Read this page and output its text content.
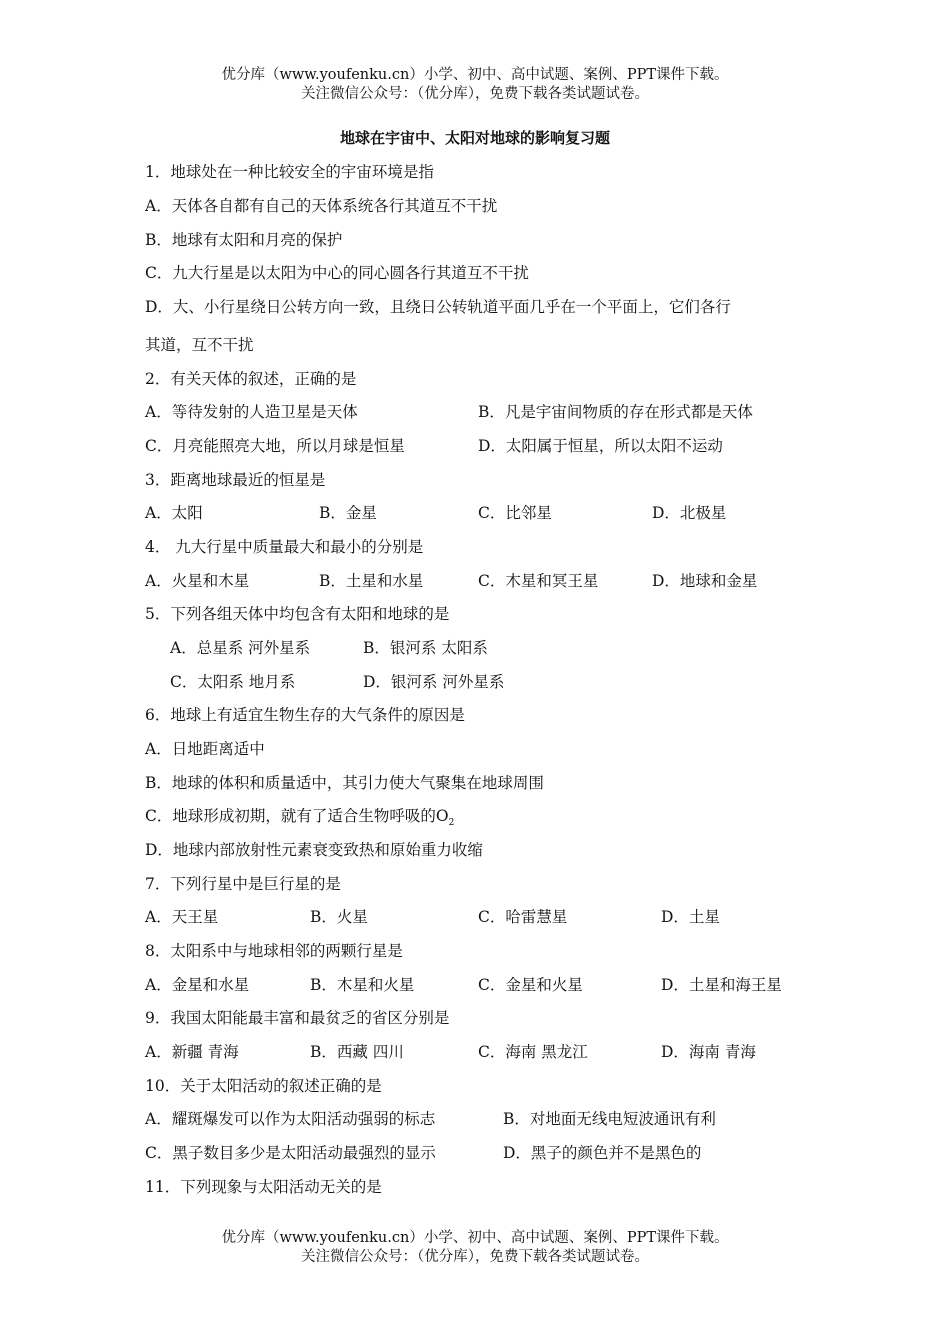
优分库（www.youfenku.cn）小学、初中、高中试题、案例、PPT课件下载。
关注微信公众号：（优分库），免费下载各类试题试卷。
地球在宇宙中、太阳对地球的影响复习题
1．地球处在一种比较安全的宇宙环境是指
A．天体各自都有自己的天体系统各行其道互不干扰
B．地球有太阳和月亮的保护
C．九大行星是以太阳为中心的同心圆各行其道互不干扰
D．大、小行星绕日公转方向一致，且绕日公转轨道平面几乎在一个平面上，它们各行
其道，互不干扰
2．有关天体的叙述，正确的是
A．等待发射的人造卫星是天体	B．凡是宇宙间物质的存在形式都是天体
C．月亮能照亮大地，所以月球是恒星	D．太阳属于恒星，所以太阳不运动
3．距离地球最近的恒星是
A．太阳	B．金星	C．比邻星	D．北极星
4． 九大行星中质量最大和最小的分别是
A．火星和木星	B．土星和水星	C．木星和冥王星	D．地球和金星
5．下列各组天体中均包含有太阳和地球的是
A．总星系 河外星系	B．银河系 太阳系
C．太阳系 地月系	D．银河系 河外星系
6．地球上有适宜生物生存的大气条件的原因是
A．日地距离适中
B．地球的体积和质量适中，其引力使大气聚集在地球周围
C．地球形成初期，就有了适合生物呼吸的$O_2$
D．地球内部放射性元素衰变致热和原始重力收缩
7．下列行星中是巨行星的是
A．天王星	B．火星	C．哈雷慧星	D．土星
8．太阳系中与地球相邻的两颗行星是
A．金星和水星	B．木星和火星	C．金星和火星	D．土星和海王星
9．我国太阳能最丰富和最贫乏的省区分别是
A．新疆 青海	B．西藏 四川	C．海南 黑龙江	D．海南 青海
10．关于太阳活动的叙述正确的是
A．耀斑爆发可以作为太阳活动强弱的标志	B．对地面无线电短波通讯有利
C．黑子数目多少是太阳活动最强烈的显示	D．黑子的颜色并不是黑色的
11．下列现象与太阳活动无关的是
优分库（www.youfenku.cn）小学、初中、高中试题、案例、PPT课件下载。
关注微信公众号：（优分库），免费下载各类试题试卷。
